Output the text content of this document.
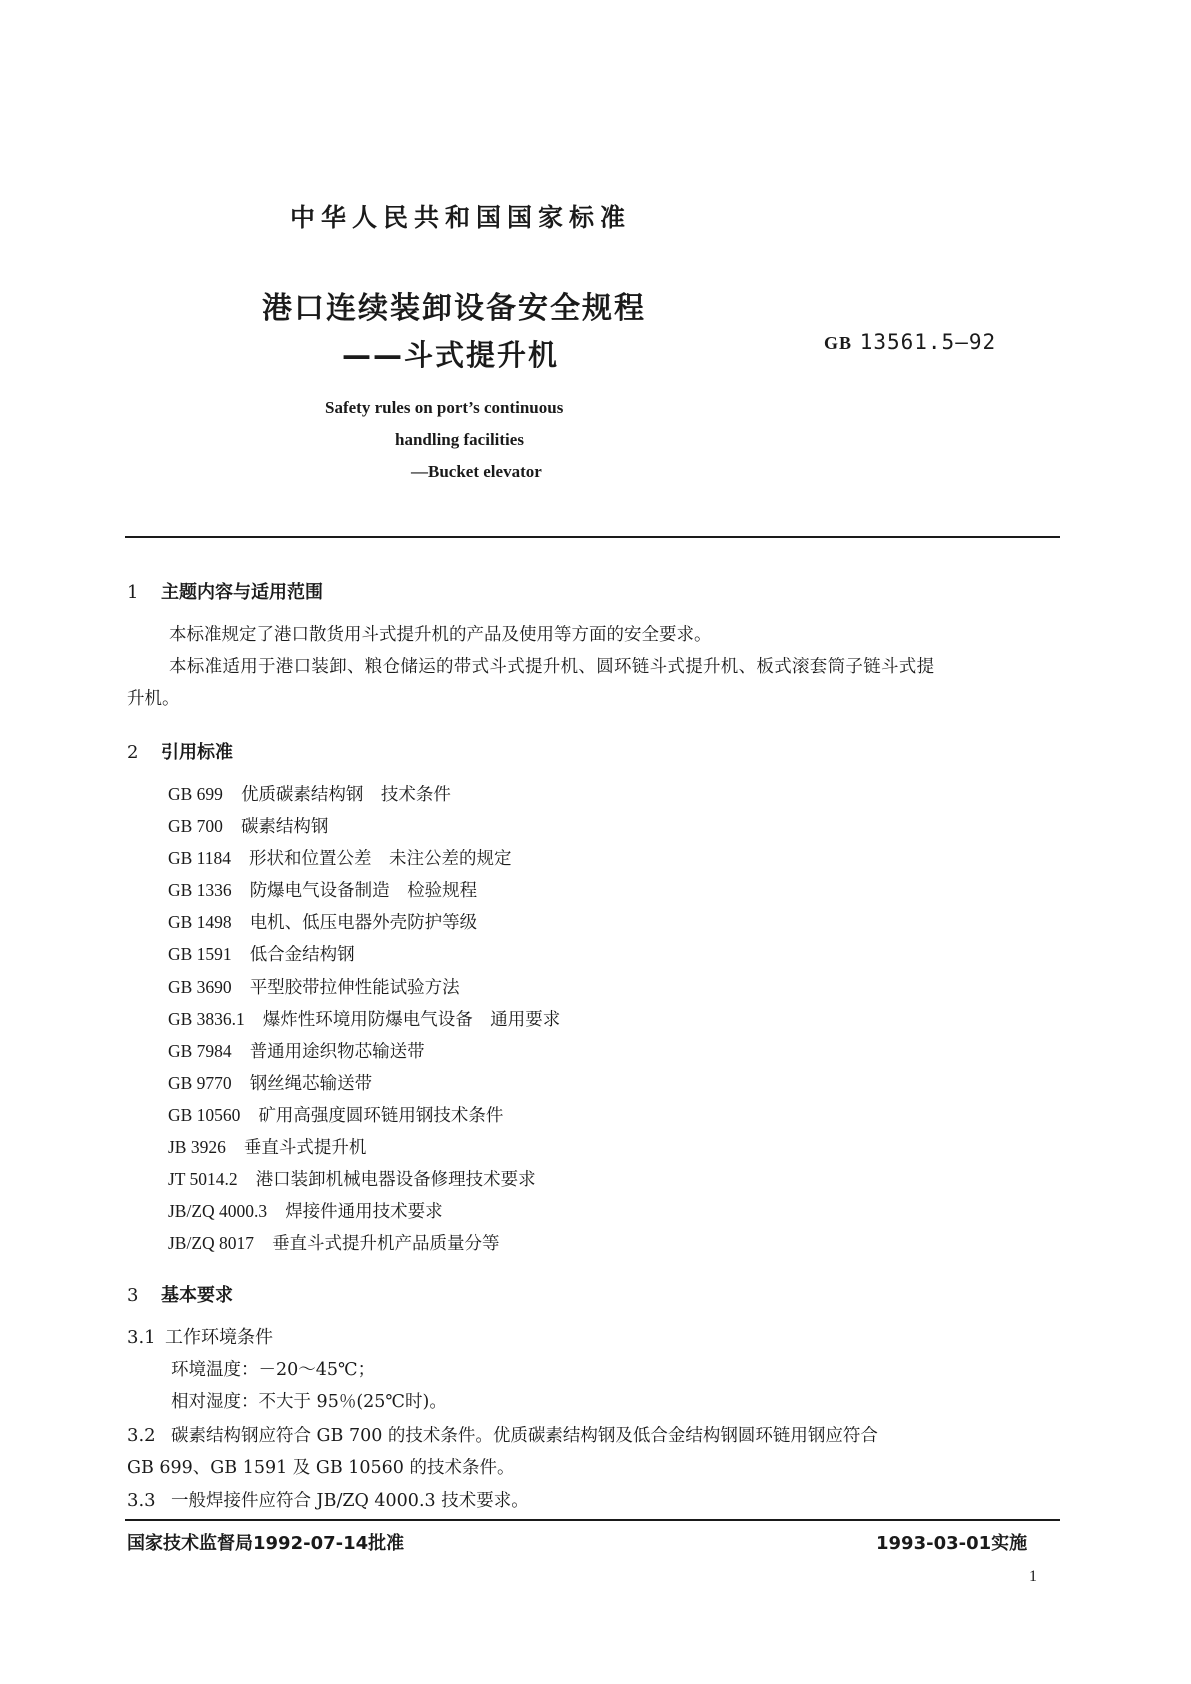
中华人民共和国国家标准
港口连续装卸设备安全规程
——斗式提升机	GB 13561.5—92
Safety rules on port’s continuous
handling facilities
—Bucket elevator
1 主题内容与适用范围
本标准规定了港口散货用斗式提升机的产品及使用等方面的安全要求。
本标准适用于港口装卸、粮仓储运的带式斗式提升机、圆环链斗式提升机、板式滚套筒子链斗式提
升机。
2 引用标准
GB 699 优质碳素结构钢　技术条件
GB 700 碳素结构钢
GB 1184 形状和位置公差　未注公差的规定
GB 1336 防爆电气设备制造　检验规程
GB 1498 电机、低压电器外壳防护等级
GB 1591 低合金结构钢
GB 3690 平型胶带拉伸性能试验方法
GB 3836.1 爆炸性环境用防爆电气设备　通用要求
GB 7984 普通用途织物芯输送带
GB 9770 钢丝绳芯输送带
GB 10560 矿用高强度圆环链用钢技术条件
JB 3926 垂直斗式提升机
JT 5014.2 港口装卸机械电器设备修理技术要求
JB/ZQ 4000.3 焊接件通用技术要求
JB/ZQ 8017 垂直斗式提升机产品质量分等
3 基本要求
3.1 工作环境条件
环境温度：－20～45℃；
相对湿度：不大于 95％(25℃时)。
3.2 碳素结构钢应符合 GB 700 的技术条件。优质碳素结构钢及低合金结构钢圆环链用钢应符合
GB 699、GB 1591 及 GB 10560 的技术条件。
3.3 一般焊接件应符合 JB/ZQ 4000.3 技术要求。
国家技术监督局1992-07-14批准	1993-03-01实施
1
